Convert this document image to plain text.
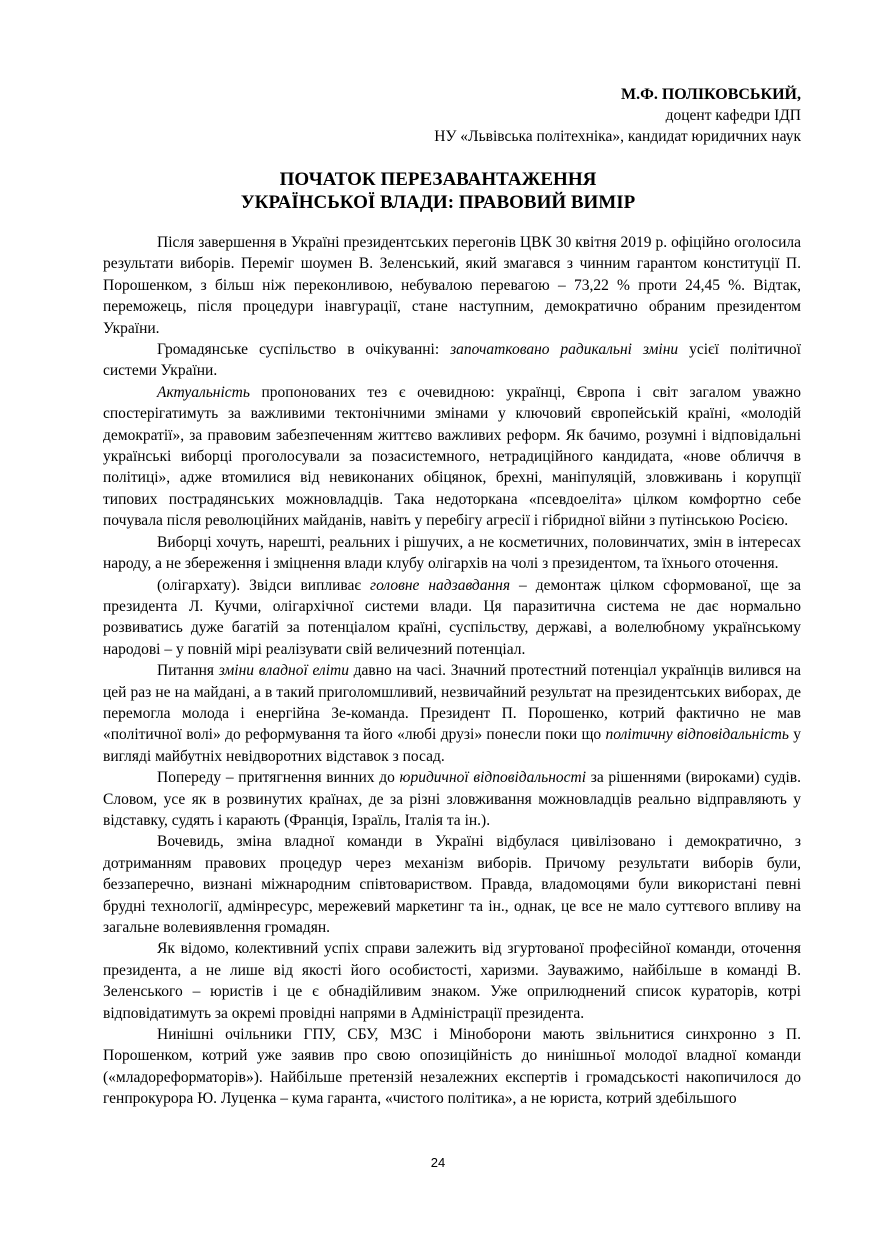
М.Ф. ПОЛІКОВСЬКИЙ,
доцент кафедри ІДП
НУ «Львівська політехніка», кандидат юридичних наук
ПОЧАТОК ПЕРЕЗАВАНТАЖЕННЯ
УКРАЇНСЬКОЇ ВЛАДИ: ПРАВОВИЙ ВИМІР

Після завершення в Україні президентських перегонів ЦВК 30 квітня 2019 р. офіційно оголосила результати виборів. Переміг шоумен В. Зеленський, який змагався з чинним гарантом конституції П. Порошенком, з більш ніж переконливою, небувалою перевагою – 73,22 % проти 24,45 %. Відтак, переможець, після процедури інавгурації, стане наступним, демократично обраним президентом України.

Громадянське суспільство в очікуванні: започатковано радикальні зміни усієї політичної системи України.

Актуальність пропонованих тез є очевидною: українці, Європа і світ загалом уважно спостерігатимуть за важливими тектонічними змінами у ключовий європейській країні, «молодій демократії», за правовим забезпеченням життєво важливих реформ. Як бачимо, розумні і відповідальні українські виборці проголосували за позасистемного, нетрадиційного кандидата, «нове обличчя в політиці», адже втомилися від невиконаних обіцянок, брехні, маніпуляцій, зловживань і корупції типових пострадянських можновладців. Така недоторкана «псевдоеліта» цілком комфортно себе почувала після революційних майданів, навіть у перебігу агресії і гібридної війни з путінською Росією.

Виборці хочуть, нарешті, реальних і рішучих, а не косметичних, половинчатих, змін в інтересах народу, а не збереження і зміцнення влади клубу олігархів на чолі з президентом, та їхнього оточення.

(олігархату). Звідси випливає головне надзавдання – демонтаж цілком сформованої, ще за президента Л. Кучми, олігархічної системи влади. Ця паразитична система не дає нормально розвиватись дуже багатій за потенціалом країні, суспільству, державі, а волелюбному українському народові – у повній мірі реалізувати свій величезний потенціал.

Питання зміни владної еліти давно на часі. Значний протестний потенціал українців вилився на цей раз не на майдані, а в такий приголомшливий, незвичайний результат на президентських виборах, де перемогла молода і енергійна Зе-команда. Президент П. Порошенко, котрий фактично не мав «політичної волі» до реформування та його «любі друзі» понесли поки що політичну відповідальність у вигляді майбутніх невідворотних відставок з посад.

Попереду – притягнення винних до юридичної відповідальності за рішеннями (вироками) судів. Словом, усе як в розвинутих країнах, де за різні зловживання можновладців реально відправляють у відставку, судять і карають (Франція, Ізраїль, Італія та ін.).

Вочевидь, зміна владної команди в Україні відбулася цивілізовано і демократично, з дотриманням правових процедур через механізм виборів. Причому результати виборів були, беззаперечно, визнані міжнародним співтовариством. Правда, владомоцями були використані певні брудні технології, адмінресурс, мережевий маркетинг та ін., однак, це все не мало суттєвого впливу на загальне волевиявлення громадян.

Як відомо, колективний успіх справи залежить від згуртованої професійної команди, оточення президента, а не лише від якості його особистості, харизми. Зауважимо, найбільше в команді В. Зеленського – юристів і це є обнадійливим знаком. Уже оприлюднений список кураторів, котрі відповідатимуть за окремі провідні напрями в Адміністрації президента.

Нинішні очільники ГПУ, СБУ, МЗС і Міноборони мають звільнитися синхронно з П. Порошенком, котрий уже заявив про свою опозиційність до нинішньої молодої владної команди («младореформаторів»). Найбільше претензій незалежних експертів і громадськості накопичилося до генпрокурора Ю. Луценка – кума гаранта, «чистого політика», а не юриста, котрий здебільшого

24
